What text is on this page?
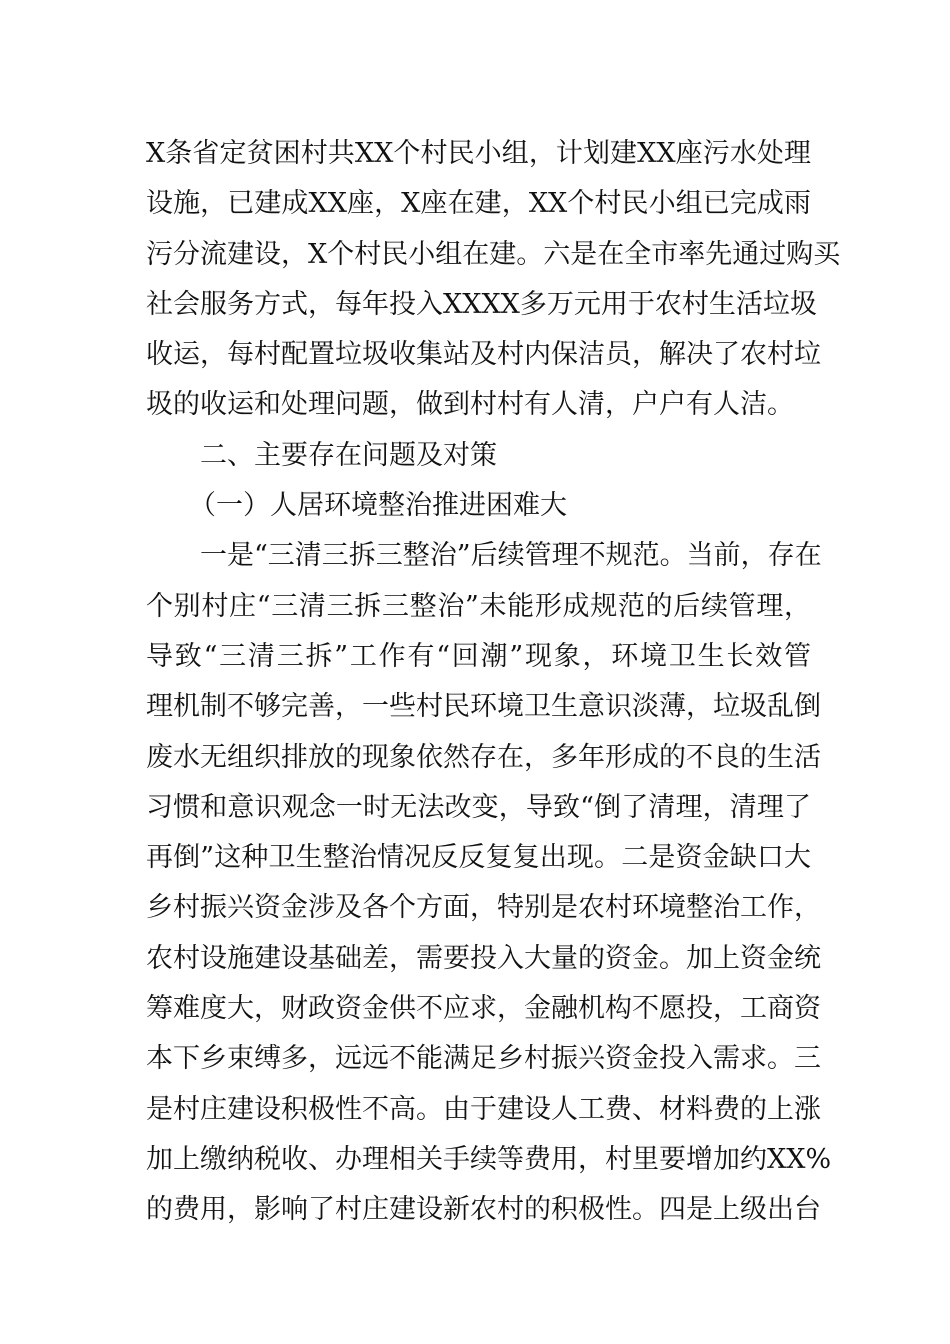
X条省定贫困村共XX个村民小组，计划建XX座污水处理
设施，已建成XX座，X座在建，XX个村民小组已完成雨
污分流建设，X个村民小组在建。六是在全市率先通过购买
社会服务方式，每年投入XXXX多万元用于农村生活垃圾
收运，每村配置垃圾收集站及村内保洁员，解决了农村垃
圾的收运和处理问题，做到村村有人清，户户有人洁。
二、主要存在问题及对策
（一）人居环境整治推进困难大
一是“三清三拆三整治”后续管理不规范。当前，存在
个别村庄“三清三拆三整治”未能形成规范的后续管理，
导致“三清三拆”工作有“回潮”现象，环境卫生长效管
理机制不够完善，一些村民环境卫生意识淡薄，垃圾乱倒
废水无组织排放的现象依然存在，多年形成的不良的生活
习惯和意识观念一时无法改变，导致“倒了清理，清理了
再倒”这种卫生整治情况反反复复出现。二是资金缺口大
乡村振兴资金涉及各个方面，特别是农村环境整治工作，
农村设施建设基础差，需要投入大量的资金。加上资金统
筹难度大，财政资金供不应求，金融机构不愿投，工商资
本下乡束缚多，远远不能满足乡村振兴资金投入需求。三
是村庄建设积极性不高。由于建设人工费、材料费的上涨
加上缴纳税收、办理相关手续等费用，村里要增加约XX%
的费用，影响了村庄建设新农村的积极性。四是上级出台
